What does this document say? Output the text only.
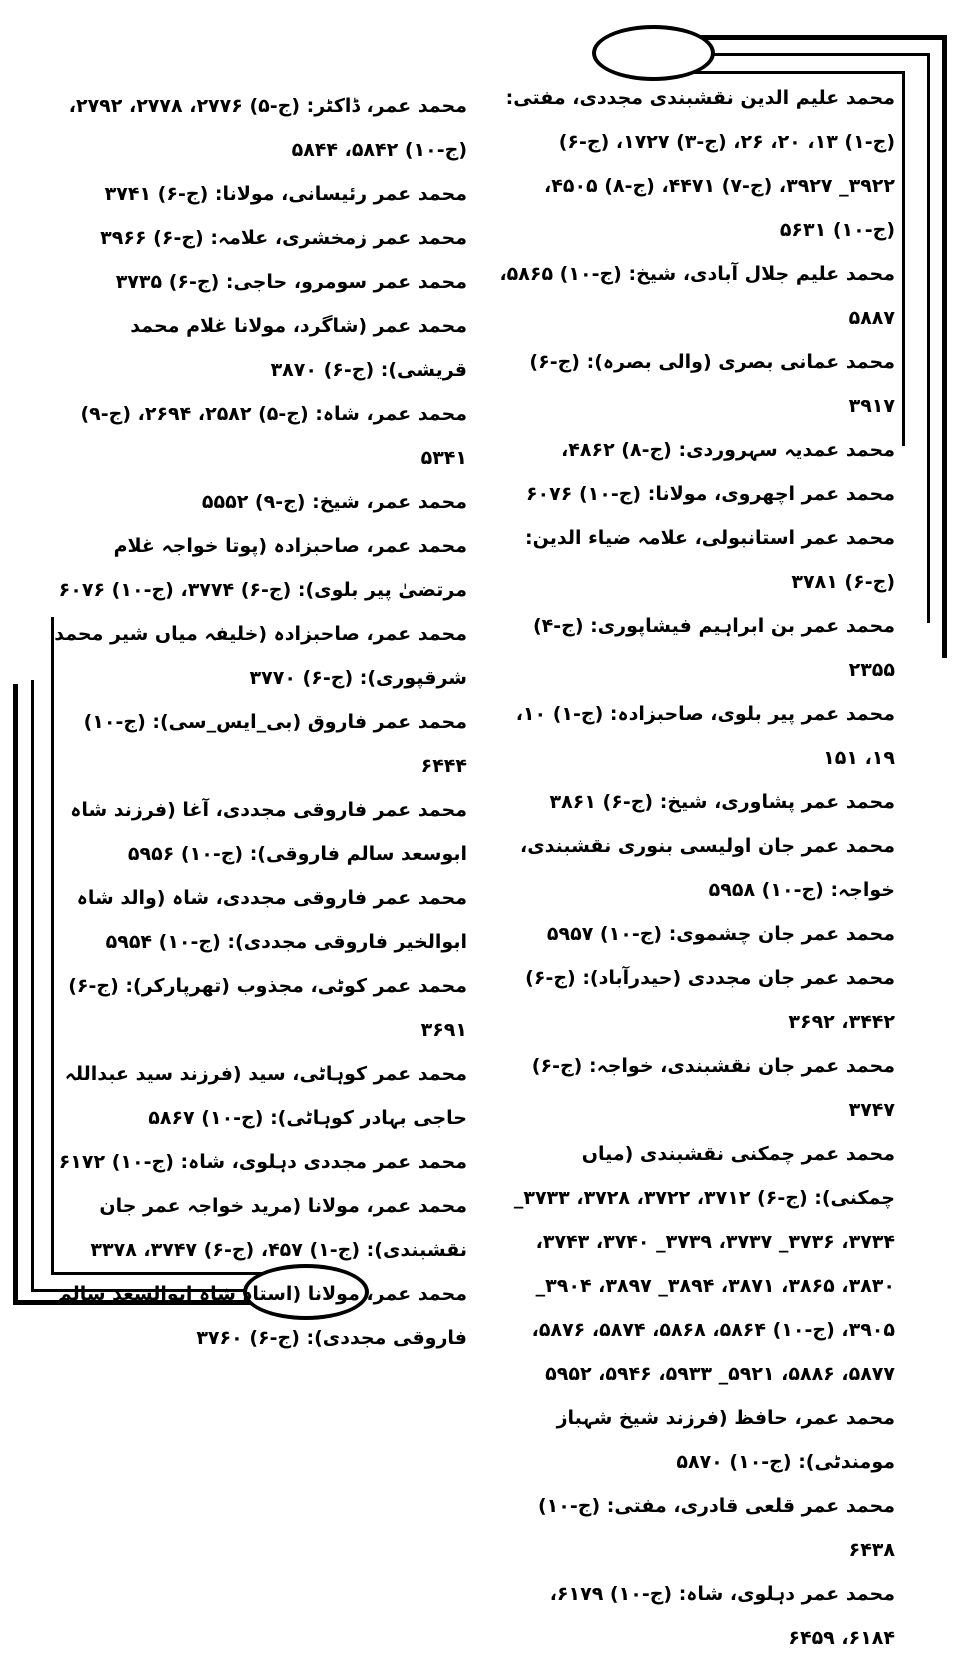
محمد علیم الدین نقشبندی مجددی، مفتی: (ج-۱) ۱۳، ۲۰، ۲۶، (ج-۳) ۱۷۲۷، (ج-۶) ۳۹۲۲_ ۳۹۲۷، (ج-۷) ۴۴۷۱، (ج-۸) ۴۵۰۵، (ج-۱۰) ۵۶۳۱

محمد علیم جلال آبادی، شیخ: (ج-۱۰) ۵۸۶۵، ۵۸۸۷

محمد عمانی بصری (والی بصرہ): (ج-۶) ۳۹۱۷

محمد عمدیہ سہروردی: (ج-۸) ۴۸۶۲،

محمد عمر اچھروی، مولانا: (ج-۱۰) ۶۰۷۶

محمد عمر استانبولی، علامہ ضیاء الدین: (ج-۶) ۳۷۸۱

محمد عمر بن ابراہیم فیشاپوری: (ج-۴) ۲۳۵۵

محمد عمر پیر بلوی، صاحبزادہ: (ج-۱) ۱۰، ۱۹، ۱۵۱

محمد عمر پشاوری، شیخ: (ج-۶) ۳۸۶۱

محمد عمر جان اولیسی بنوری نقشبندی، خواجہ: (ج-۱۰) ۵۹۵۸

محمد عمر جان چشموی: (ج-۱۰) ۵۹۵۷

محمد عمر جان مجددی (حیدرآباد): (ج-۶) ۳۴۴۲، ۳۶۹۲

محمد عمر جان نقشبندی، خواجہ: (ج-۶) ۳۷۴۷

محمد عمر چمکنی نقشبندی (میاں چمکنی): (ج-۶) ۳۷۱۲، ۳۷۲۲، ۳۷۲۸، ۳۷۳۳_ ۳۷۳۴، ۳۷۳۶_ ۳۷۳۷، ۳۷۳۹_ ۳۷۴۰، ۳۷۴۳، ۳۸۳۰، ۳۸۶۵، ۳۸۷۱، ۳۸۹۴_ ۳۸۹۷، ۳۹۰۴_ ۳۹۰۵، (ج-۱۰) ۵۸۶۴، ۵۸۶۸، ۵۸۷۴، ۵۸۷۶، ۵۸۷۷، ۵۸۸۶، ۵۹۲۱_ ۵۹۳۳، ۵۹۴۶، ۵۹۵۲

محمد عمر، حافظ (فرزند شیخ شہباز مومندٹی): (ج-۱۰) ۵۸۷۰

محمد عمر قلعی قادری، مفتی: (ج-۱۰) ۶۴۳۸

محمد عمر دہلوی، شاہ: (ج-۱۰) ۶۱۷۹، ۶۱۸۴، ۶۴۵۹

محمد عمر، ڈاکٹر: (ج-۵) ۲۷۷۶، ۲۷۷۸، ۲۷۹۲، (ج-۱۰) ۵۸۴۲، ۵۸۴۴

محمد عمر رئیسانی، مولانا: (ج-۶) ۳۷۴۱

محمد عمر زمخشری، علامہ: (ج-۶) ۳۹۶۶

محمد عمر سومرو، حاجی: (ج-۶) ۳۷۳۵

محمد عمر (شاگرد، مولانا غلام محمد قریشی): (ج-۶) ۳۸۷۰

محمد عمر، شاہ: (ج-۵) ۲۵۸۲، ۲۶۹۴، (ج-۹) ۵۳۴۱

محمد عمر، شیخ: (ج-۹) ۵۵۵۲

محمد عمر، صاحبزادہ (پوتا خواجہ غلام مرتضیٰ پیر بلوی): (ج-۶) ۳۷۷۴، (ج-۱۰) ۶۰۷۶

محمد عمر، صاحبزادہ (خلیفہ میاں شیر محمد شرقپوری): (ج-۶) ۳۷۷۰

محمد عمر فاروق (بی_ایس_سی): (ج-۱۰) ۶۴۴۴

محمد عمر فاروقی مجددی، آغا (فرزند شاہ ابوسعد سالم فاروقی): (ج-۱۰) ۵۹۵۶

محمد عمر فاروقی مجددی، شاہ (والد شاہ ابوالخیر فاروقی مجددی): (ج-۱۰) ۵۹۵۴

محمد عمر کوٹی، مجذوب (تھرپارکر): (ج-۶) ۳۶۹۱

محمد عمر کوہاٹی، سید (فرزند سید عبداللہ حاجی بہادر کوہاٹی): (ج-۱۰) ۵۸۶۷

محمد عمر مجددی دہلوی، شاہ: (ج-۱۰) ۶۱۷۲

محمد عمر، مولانا (مرید خواجہ عمر جان نقشبندی): (ج-۱) ۴۵۷، (ج-۶) ۳۷۴۷، ۳۳۷۸

محمد عمر، مولانا (استاد شاہ ابوالسعد سالم فاروقی مجددی): (ج-۶) ۳۷۶۰
